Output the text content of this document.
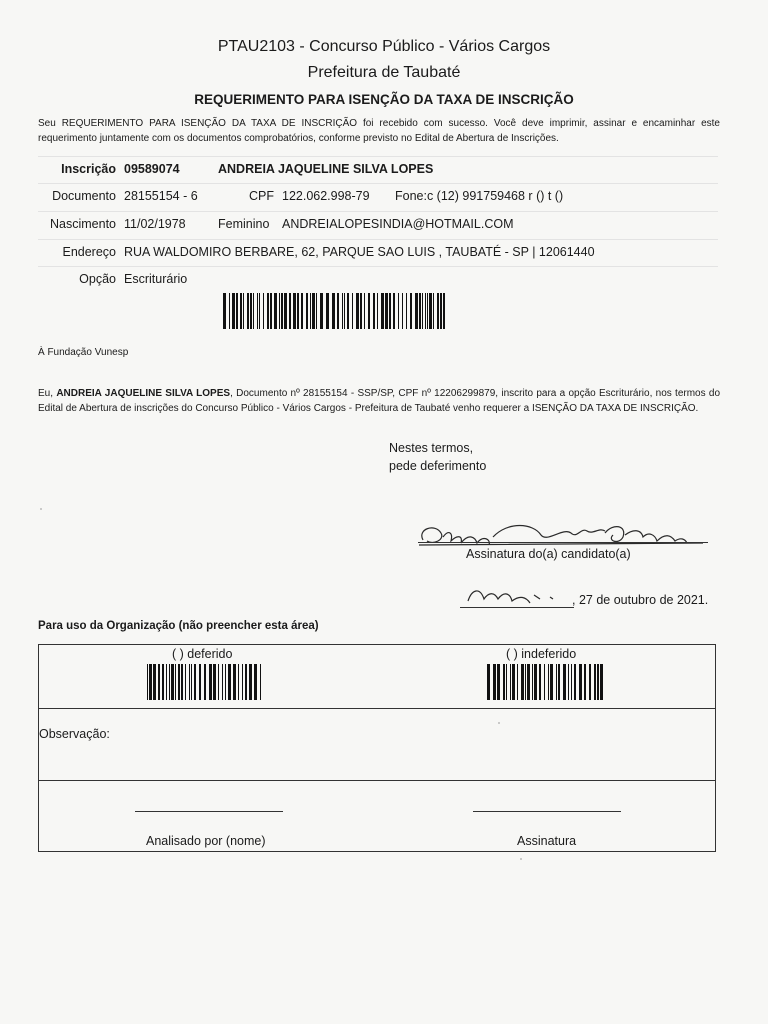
PTAU2103 - Concurso Público - Vários Cargos
Prefeitura de Taubaté
REQUERIMENTO PARA ISENÇÃO DA TAXA DE INSCRIÇÃO
Seu REQUERIMENTO PARA ISENÇÃO DA TAXA DE INSCRIÇÃO foi recebido com sucesso. Você deve imprimir, assinar e encaminhar este requerimento juntamente com os documentos comprobatórios, conforme previsto no Edital de Abertura de Inscrições.
Inscrição 09589074	ANDREIA JAQUELINE SILVA LOPES
Documento 28155154 - 6	CPF 122.062.998-79 Fone:c (12) 991759468 r () t ()
Nascimento 11/02/1978	Feminino ANDREIALOPESINDIA@HOTMAIL.COM
Endereço RUA WALDOMIRO BERBARE, 62, PARQUE SAO LUIS , TAUBATÉ - SP | 12061440
Opção Escriturário
À Fundação Vunesp
Eu, ANDREIA JAQUELINE SILVA LOPES, Documento nº 28155154 - SSP/SP, CPF nº 12206299879, inscrito para a opção Escriturário, nos termos do Edital de Abertura de inscrições do Concurso Público - Vários Cargos - Prefeitura de Taubaté venho requerer a ISENÇÃO DA TAXA DE INSCRIÇÃO.
Nestes termos,
pede deferimento
Assinatura do(a) candidato(a)
, 27 de outubro de 2021.
Para uso da Organização (não preencher esta área)
( ) deferido	( ) indeferido
Observação:
Analisado por (nome)	Assinatura
